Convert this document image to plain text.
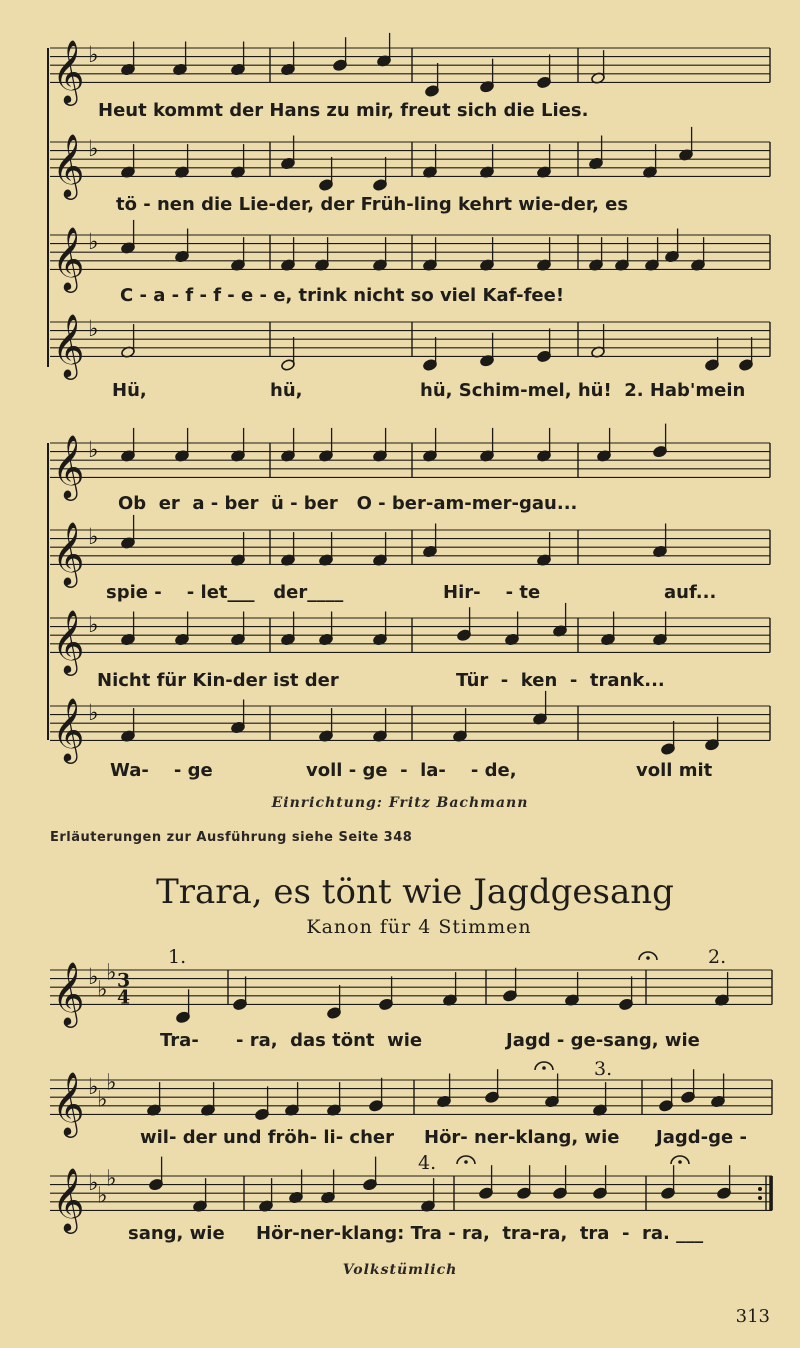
𝄞 ♭
𝄞 ♭
𝄞 ♭
𝄞 ♭
𝄞 ♭
𝄞 ♭
𝄞 ♭
𝄞 ♭
𝄞 ♭
♭
♭ 3
4
𝄞 ♭
♭
♭
𝄞 ♭
♭
♭
Heut kommt der Hans zu mir, freut sich die Lies.
tö - nen die Lie-der, der Früh-ling kehrt wie-der, es
C - a - f - f - e - e, trink nicht so viel Kaf-fee!
Hü,	hü,	hü, Schim-mel, hü!  2. Hab'mein
Ob  er  a - ber  ü - ber   O - ber-am-mer-gau...
spie -    - let___   der____	Hir-    - te	auf...
Nicht für Kin-der ist der	Tür  -  ken  -  trank...
Wa-    - ge	voll - ge  -  la-    - de,	voll mit
Einrichtung: Fritz Bachmann
Erläuterungen zur Ausführung siehe Seite 348
Trara, es tönt wie Jagdgesang
Kanon für 4 Stimmen
1.	2.
3.
4.
Tra- - ra,  das tönt  wie	Jagd - ge-sang, wie
wil- der und fröh- li- cher Hör- ner-klang, wie Jagd-ge -
sang, wie Hör-ner-klang: Tra - ra,  tra-ra,  tra  -  ra. ___
Volkstümlich
313
